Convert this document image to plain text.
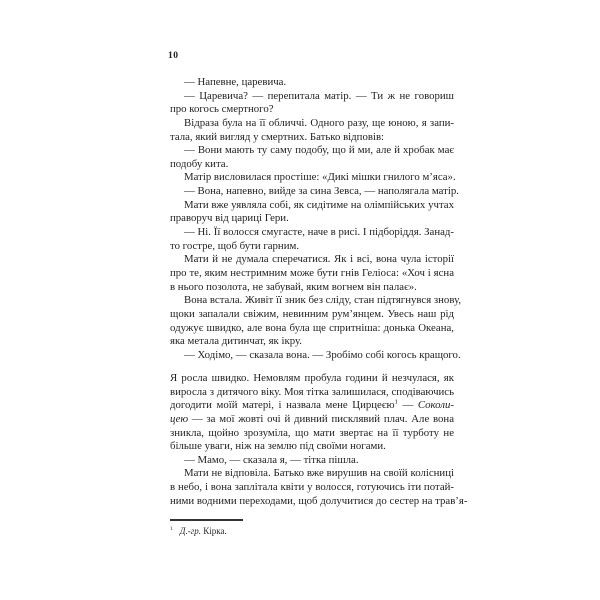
10
— Напевне, царевича.
— Царевича? — перепитала матір. — Ти ж не говориш
про когось смертного?
Відраза була на її обличчі. Одного разу, ще юною, я запи-
тала, який вигляд у смертних. Батько відповів:
— Вони мають ту саму подобу, що й ми, але й хробак має
подобу кита.
Матір висловилася простіше: «Дикі мішки гнилого м’яса».
— Вона, напевно, вийде за сина Зевса, — наполягала матір.
Мати вже уявляла собі, як сидітиме на олімпійських учтах
праворуч від цариці Гери.
— Ні. Її волосся смугасте, наче в рисі. І підборіддя. Занад-
то гостре, щоб бути гарним.
Мати й не думала сперечатися. Як і всі, вона чула історії
про те, яким нестримним може бути гнів Геліоса: «Хоч і ясна
в нього позолота, не забувай, яким вогнем він палає».
Вона встала. Живіт її зник без сліду, стан підтягнувся знову,
щоки запалали свіжим, невинним рум’янцем. Увесь наш рід
одужує швидко, але вона була ще спритніша: донька Океана,
яка метала дитинчат, як ікру.
— Ходімо, — сказала вона. — Зробімо собі когось кращого.
Я росла швидко. Немовлям пробула години й незчулася, як
виросла з дитячого віку. Моя тітка залишилася, сподіваючись
догодити моїй матері, і назвала мене Цирцеєю$^1$ — Соколи-
цею — за мої жовті очі й дивний писклявий плач. Але вона
зникла, щойно зрозуміла, що мати звертає на її турботу не
більше уваги, ніж на землю під своїми ногами.
— Мамо, — сказала я, — тітка пішла.
Мати не відповіла. Батько вже вирушив на своїй колісниці
в небо, і вона заплітала квіти у волосся, готуючись іти потай-
ними водними переходами, щоб долучитися до сестер на трав’я-
$^1$ Д.-гр. Кірка.
